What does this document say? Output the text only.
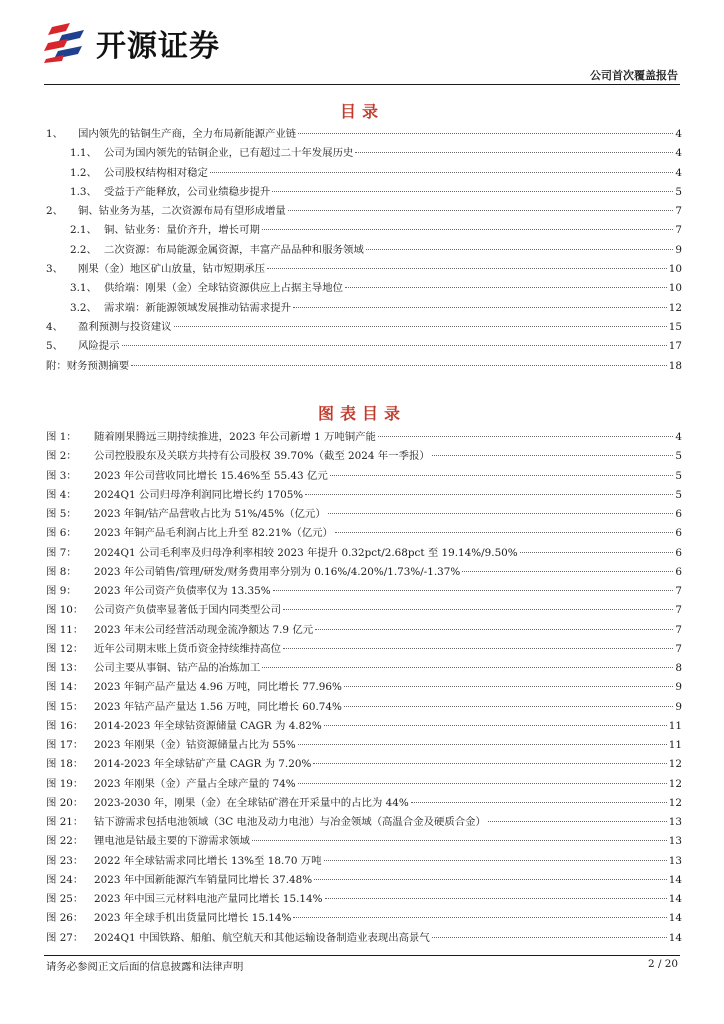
开源证券
公司首次覆盖报告
目录
1、	国内领先的钴铜生产商，全力布局新能源产业链	4
1.1、 公司为国内领先的钴铜企业，已有超过二十年发展历史	4
1.2、 公司股权结构相对稳定	4
1.3、 受益于产能释放，公司业绩稳步提升	5
2、	铜、钴业务为基，二次资源布局有望形成增量	7
2.1、 铜、钴业务：量价齐升，增长可期	7
2.2、 二次资源：布局能源金属资源，丰富产品品种和服务领域	9
3、	刚果（金）地区矿山放量，钴市短期承压	10
3.1、 供给端：刚果（金）全球钴资源供应上占据主导地位	10
3.2、 需求端：新能源领域发展推动钴需求提升	12
4、	盈利预测与投资建议	15
5、	风险提示	17
附：财务预测摘要	18
图表目录
图 1：	随着刚果腾远三期持续推进，2023 年公司新增 1 万吨铜产能	4
图 2：	公司控股股东及关联方共持有公司股权 39.70%（截至 2024 年一季报）	5
图 3：	2023 年公司营收同比增长 15.46%至 55.43 亿元	5
图 4：	2024Q1 公司归母净利润同比增长约 1705%	5
图 5：	2023 年铜/钴产品营收占比为 51%/45%（亿元）	6
图 6：	2023 年铜产品毛利润占比上升至 82.21%（亿元）	6
图 7：	2024Q1 公司毛利率及归母净利率相较 2023 年提升 0.32pct/2.68pct 至 19.14%/9.50%	6
图 8：	2023 年公司销售/管理/研发/财务费用率分别为 0.16%/4.20%/1.73%/-1.37%	6
图 9：	2023 年公司资产负债率仅为 13.35%	7
图 10：	公司资产负债率显著低于国内同类型公司	7
图 11：	2023 年末公司经营活动现金流净额达 7.9 亿元	7
图 12：	近年公司期末账上货币资金持续维持高位	7
图 13：	公司主要从事铜、钴产品的冶炼加工	8
图 14：	2023 年铜产品产量达 4.96 万吨，同比增长 77.96%	9
图 15：	2023 年钴产品产量达 1.56 万吨，同比增长 60.74%	9
图 16：	2014-2023 年全球钴资源储量 CAGR 为 4.82%	11
图 17：	2023 年刚果（金）钴资源储量占比为 55%	11
图 18：	2014-2023 年全球钴矿产量 CAGR 为 7.20%	12
图 19：	2023 年刚果（金）产量占全球产量的 74%	12
图 20：	2023-2030 年，刚果（金）在全球钴矿潜在开采量中的占比为 44%	12
图 21：	钴下游需求包括电池领域（3C 电池及动力电池）与冶金领域（高温合金及硬质合金）	13
图 22：	锂电池是钴最主要的下游需求领域	13
图 23：	2022 年全球钴需求同比增长 13%至 18.70 万吨	13
图 24：	2023 年中国新能源汽车销量同比增长 37.48%	14
图 25：	2023 年中国三元材料电池产量同比增长 15.14%	14
图 26：	2023 年全球手机出货量同比增长 15.14%	14
图 27：	2024Q1 中国铁路、船舶、航空航天和其他运输设备制造业表现出高景气	14
请务必参阅正文后面的信息披露和法律声明	2 / 20
